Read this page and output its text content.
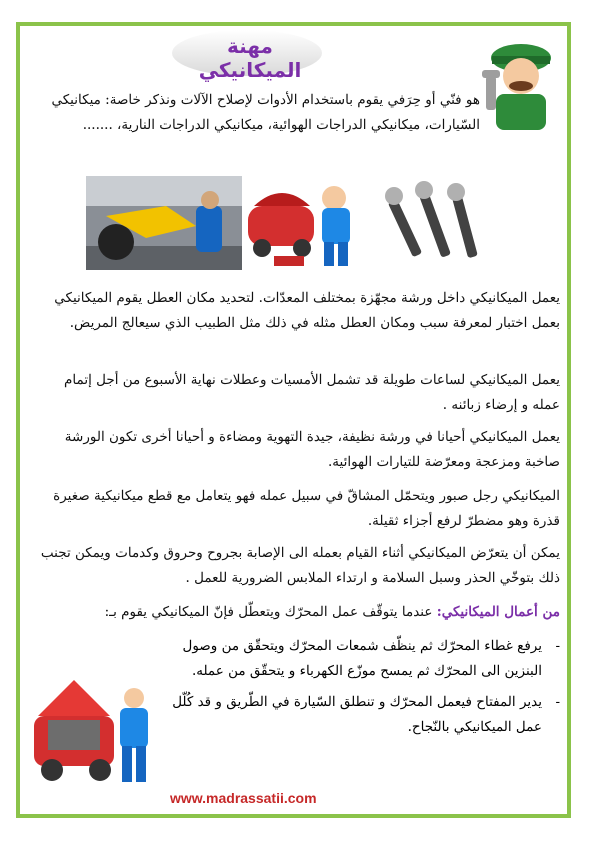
مهنة الميكانيكي
هو فنّي أو حِرَفي يقوم باستخدام الأدوات لإصلاح الآلات ونذكر خاصة: ميكانيكي السّيارات، ميكانيكي الدراجات الهوائية، ميكانيكي الدراجات النارية، .......
يعمل الميكانيكي داخل ورشة مجهّزة بمختلف المعدّات. لتحديد مكان العطل يقوم الميكانيكي بعمل اختبار لمعرفة سبب ومكان العطل مثله في ذلك مثل الطبيب الذي سيعالج المريض.
يعمل الميكانيكي لساعات طويلة قد تشمل الأمسيات وعطلات نهاية الأسبوع من أجل إتمام عمله و إرضاء زبائنه .
يعمل الميكانيكي أحيانا في ورشة نظيفة، جيدة التهوية ومضاءة و أحيانا أخرى تكون الورشة صاخبة ومزعجة ومعرّضة للتيارات الهوائية.
الميكانيكي رجل صبور ويتحمّل المشاقّ في سبيل عمله فهو يتعامل مع قطع ميكانيكية صغيرة قذرة وهو مضطرّ لرفع أجزاء ثقيلة.
يمكن أن يتعرّض الميكانيكي أثناء القيام بعمله الى الإصابة بجروح وحروق وكدمات ويمكن تجنب ذلك بتوخّي الحذر وسبل السلامة و ارتداء الملابس الضرورية للعمل .
من أعمال الميكانيكي: عندما يتوقّف عمل المحرّك ويتعطّل فإنّ الميكانيكي يقوم بـ:
-
يرفع غطاء المحرّك ثم ينظّف شمعات المحرّك ويتحقّق من وصول البنزين الى المحرّك ثم يمسح موزّع الكهرباء و يتحقّق من عمله.
-
يدير المفتاح فيعمل المحرّك و تنطلق السّيارة في الطّريق و قد كُلّل عمل الميكانيكي بالنّجاح.
www.madrassatii.com
